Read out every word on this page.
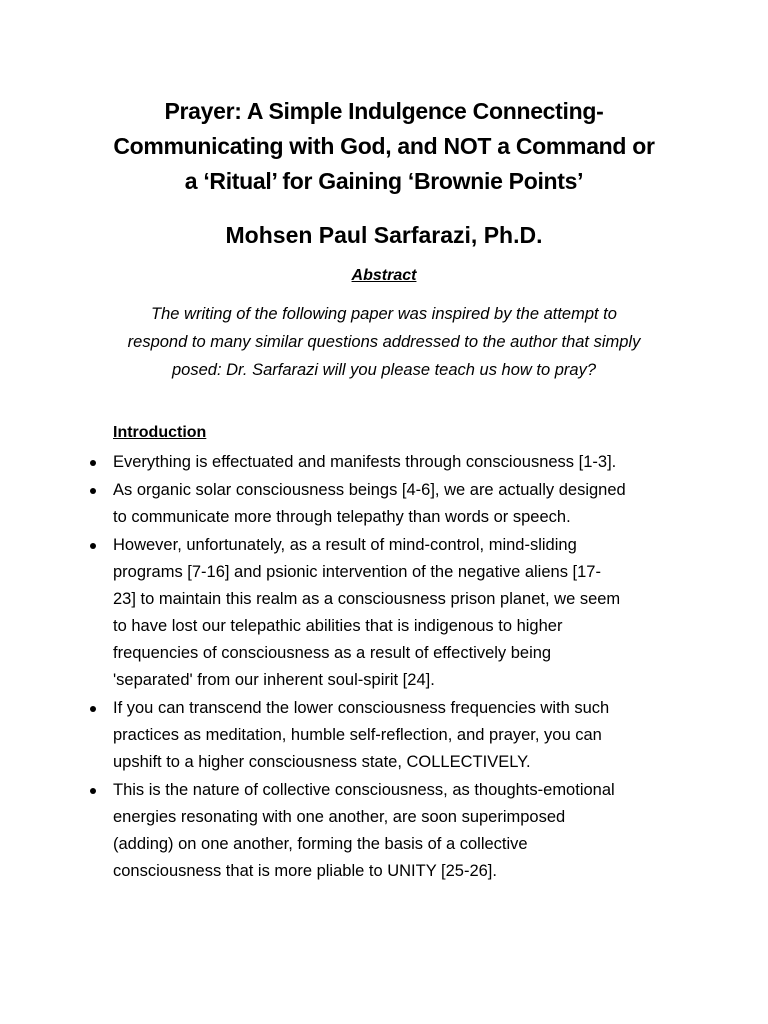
Prayer: A Simple Indulgence Connecting-
Communicating with God, and NOT a Command or
a ‘Ritual’ for Gaining ‘Brownie Points’
Mohsen Paul Sarfarazi, Ph.D.
Abstract

The writing of the following paper was inspired by the attempt to
respond to many similar questions addressed to the author that simply
posed: Dr. Sarfarazi will you please teach us how to pray?

Introduction
Everything is effectuated and manifests through consciousness [1-3].
As organic solar consciousness beings [4-6], we are actually designed
to communicate more through telepathy than words or speech.
However, unfortunately, as a result of mind-control, mind-sliding
programs [7-16] and psionic intervention of the negative aliens [17-
23] to maintain this realm as a consciousness prison planet, we seem
to have lost our telepathic abilities that is indigenous to higher
frequencies of consciousness as a result of effectively being
'separated' from our inherent soul-spirit [24].
If you can transcend the lower consciousness frequencies with such
practices as meditation, humble self-reflection, and prayer, you can
upshift to a higher consciousness state, COLLECTIVELY.
This is the nature of collective consciousness, as thoughts-emotional
energies resonating with one another, are soon superimposed
(adding) on one another, forming the basis of a collective
consciousness that is more pliable to UNITY [25-26].
